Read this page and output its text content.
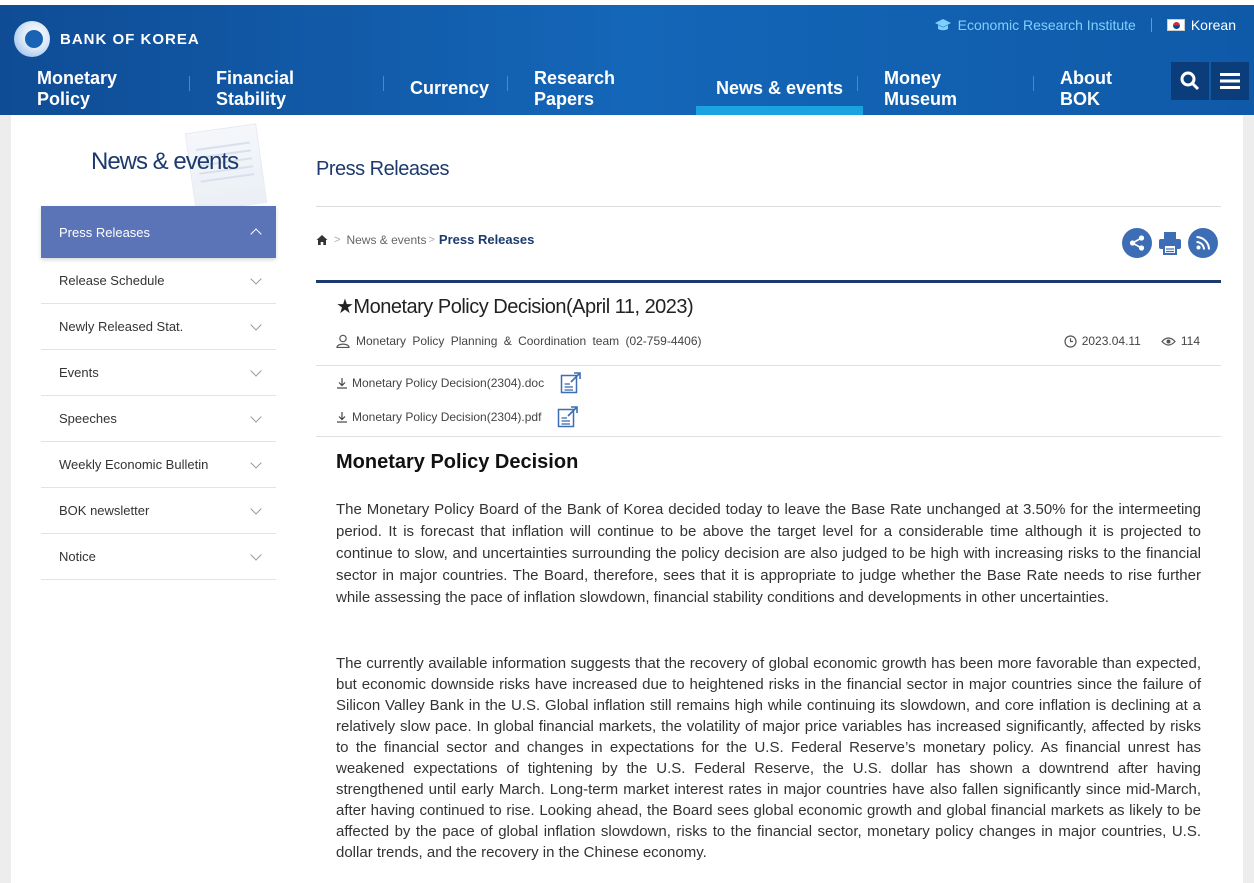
BANK OF KOREA
Economic Research Institute	Korean
Monetary Policy
Financial Stability
Currency
Research Papers
News & events
Money Museum
About BOK
News & events
Press Releases
Release Schedule
Newly Released Stat.
Events
Speeches
Weekly Economic Bulletin
BOK newsletter
Notice
Press Releases
> News & events > Press Releases
★Monetary Policy Decision(April 11, 2023)
Monetary Policy Planning & Coordination team (02-759-4406)	2023.04.11	114
Monetary Policy Decision(2304).doc
Monetary Policy Decision(2304).pdf
Monetary Policy Decision

The Monetary Policy Board of the Bank of Korea decided today to leave the Base Rate unchanged at 3.50% for the intermeeting period. It is forecast that inflation will continue to be above the target level for a considerable time although it is projected to continue to slow, and uncertainties surrounding the policy decision are also judged to be high with increasing risks to the financial sector in major countries. The Board, therefore, sees that it is appropriate to judge whether the Base Rate needs to rise further while assessing the pace of inflation slowdown, financial stability conditions and developments in other uncertainties.

The currently available information suggests that the recovery of global economic growth has been more favorable than expected, but economic downside risks have increased due to heightened risks in the financial sector in major countries since the failure of Silicon Valley Bank in the U.S. Global inflation still remains high while continuing its slowdown, and core inflation is declining at a relatively slow pace. In global financial markets, the volatility of major price variables has increased significantly, affected by risks to the financial sector and changes in expectations for the U.S. Federal Reserve’s monetary policy. As financial unrest has weakened expectations of tightening by the U.S. Federal Reserve, the U.S. dollar has shown a downtrend after having strengthened until early March. Long-term market interest rates in major countries have also fallen significantly since mid-March, after having continued to rise. Looking ahead, the Board sees global economic growth and global financial markets as likely to be affected by the pace of global inflation slowdown, risks to the financial sector, monetary policy changes in major countries, U.S. dollar trends, and the recovery in the Chinese economy.
